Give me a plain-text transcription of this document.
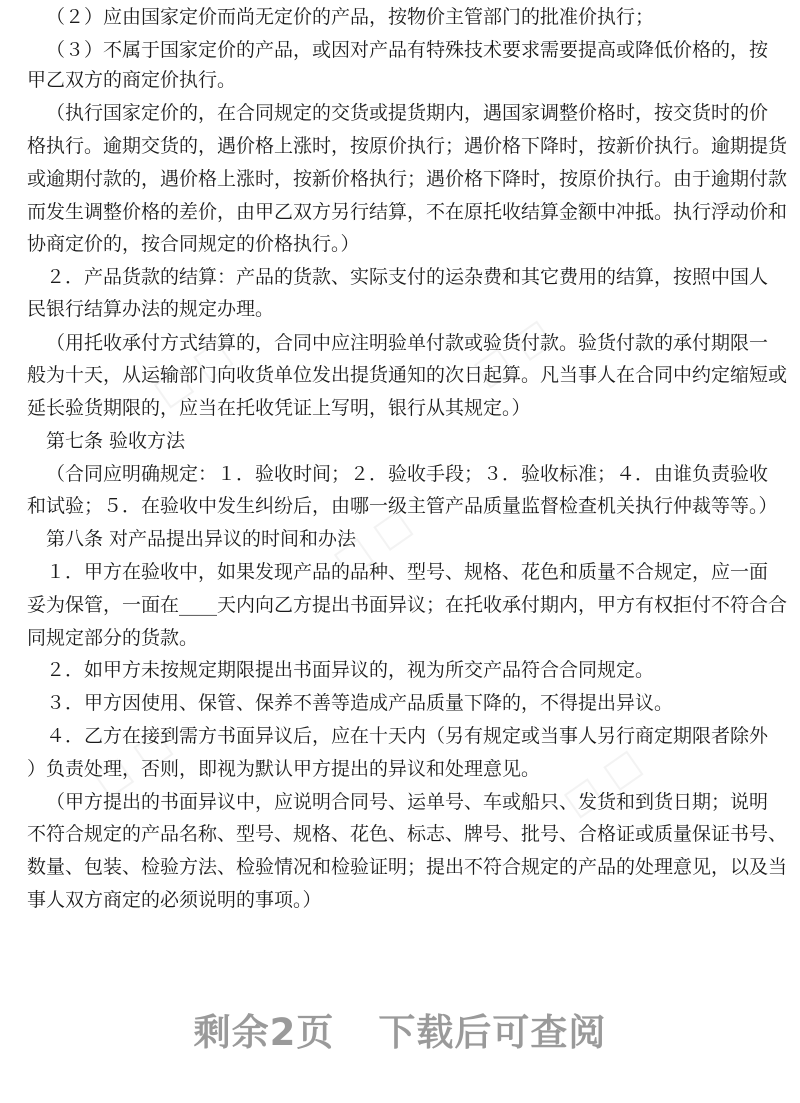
（２）应由国家定价而尚无定价的产品，按物价主管部门的批准价执行；
（３）不属于国家定价的产品，或因对产品有特殊技术要求需要提高或降低价格的，按
甲乙双方的商定价执行。
（执行国家定价的，在合同规定的交货或提货期内，遇国家调整价格时，按交货时的价
格执行。逾期交货的，遇价格上涨时，按原价执行；遇价格下降时，按新价执行。逾期提货
或逾期付款的，遇价格上涨时，按新价格执行；遇价格下降时，按原价执行。由于逾期付款
而发生调整价格的差价，由甲乙双方另行结算，不在原托收结算金额中冲抵。执行浮动价和
协商定价的，按合同规定的价格执行。）
２．产品货款的结算：产品的货款、实际支付的运杂费和其它费用的结算，按照中国人
民银行结算办法的规定办理。
（用托收承付方式结算的，合同中应注明验单付款或验货付款。验货付款的承付期限一
般为十天，从运输部门向收货单位发出提货通知的次日起算。凡当事人在合同中约定缩短或
延长验货期限的，应当在托收凭证上写明，银行从其规定。）
第七条 验收方法
（合同应明确规定：１．验收时间；２．验收手段；３．验收标准；４．由谁负责验收
和试验；５．在验收中发生纠纷后，由哪一级主管产品质量监督检查机关执行仲裁等等。）
第八条 对产品提出异议的时间和办法
１．甲方在验收中，如果发现产品的品种、型号、规格、花色和质量不合规定，应一面
妥为保管，一面在____天内向乙方提出书面异议；在托收承付期内，甲方有权拒付不符合合
同规定部分的货款。
２．如甲方未按规定期限提出书面异议的，视为所交产品符合合同规定。
３．甲方因使用、保管、保养不善等造成产品质量下降的，不得提出异议。
４．乙方在接到需方书面异议后，应在十天内（另有规定或当事人另行商定期限者除外
）负责处理，否则，即视为默认甲方提出的异议和处理意见。
（甲方提出的书面异议中，应说明合同号、运单号、车或船只、发货和到货日期；说明
不符合规定的产品名称、型号、规格、花色、标志、牌号、批号、合格证或质量保证书号、
数量、包装、检验方法、检验情况和检验证明；提出不符合规定的产品的处理意见，以及当
事人双方商定的必须说明的事项。）
剩余2页 下载后可查阅
